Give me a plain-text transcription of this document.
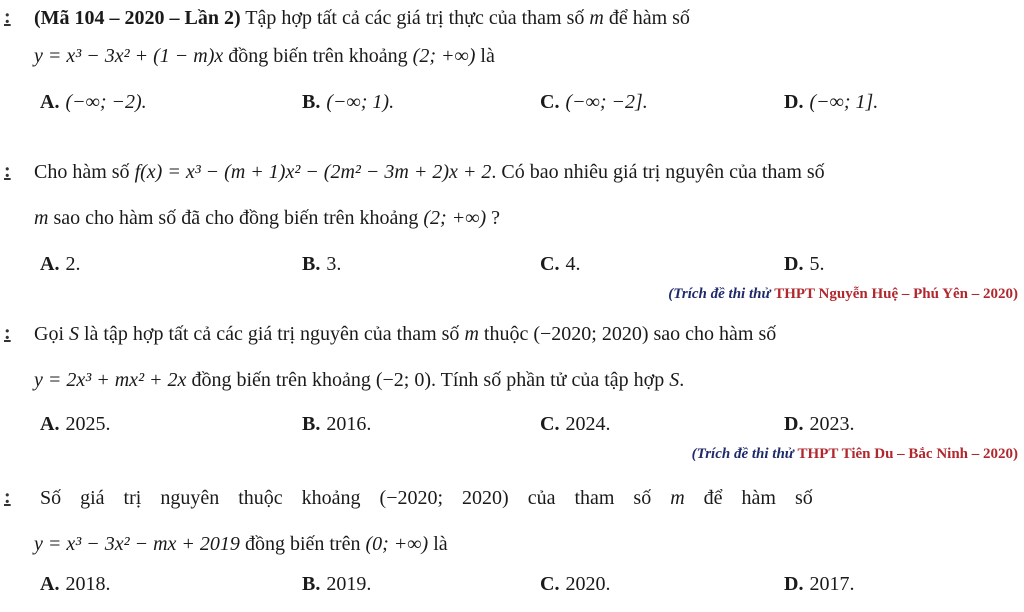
: (Mã 104 – 2020 – Lần 2) Tập hợp tất cả các giá trị thực của tham số m để hàm số
y = x³ − 3x² + (1 − m)x đồng biến trên khoảng (2; +∞) là
A. (−∞; −2).	B. (−∞; 1).	C. (−∞; −2].	D. (−∞; 1].
: Cho hàm số f(x) = x³ − (m + 1)x² − (2m² − 3m + 2)x + 2. Có bao nhiêu giá trị nguyên của tham số
m sao cho hàm số đã cho đồng biến trên khoảng (2; +∞) ?
A. 2.	B. 3.	C. 4.	D. 5.
(Trích đề thi thử THPT Nguyễn Huệ – Phú Yên – 2020)
: Gọi S là tập hợp tất cả các giá trị nguyên của tham số m thuộc (−2020; 2020) sao cho hàm số
y = 2x³ + mx² + 2x đồng biến trên khoảng (−2; 0). Tính số phần tử của tập hợp S.
A. 2025.	B. 2016.	C. 2024.	D. 2023.
(Trích đề thi thử THPT Tiên Du – Bắc Ninh – 2020)
: Số giá trị nguyên thuộc khoảng (−2020; 2020) của tham số m để hàm số
y = x³ − 3x² − mx + 2019 đồng biến trên (0; +∞) là
A. 2018.	B. 2019.	C. 2020.	D. 2017.
